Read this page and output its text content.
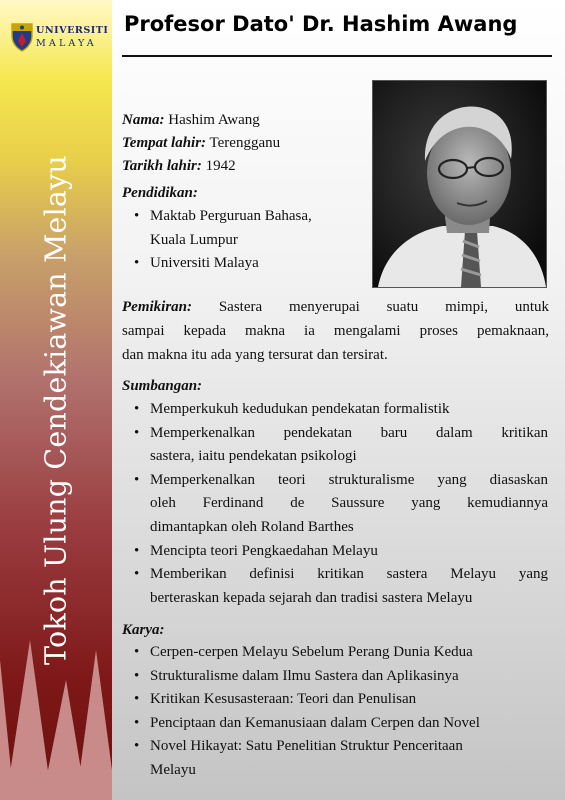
UNIVERSITI
MALAYA
Tokoh Ulung Cendekiawan Melayu
Profesor Dato' Dr. Hashim Awang
Nama: Hashim Awang
Tempat lahir: Terengganu
Tarikh lahir: 1942
Pendidikan:
• Maktab Perguruan Bahasa,
Kuala Lumpur
• Universiti Malaya
Pemikiran: Sastera menyerupai suatu mimpi, untuk
sampai kepada makna ia mengalami proses pemaknaan,
dan makna itu ada yang tersurat dan tersirat.
Sumbangan:
• Memperkukuh kedudukan pendekatan formalistik
• Memperkenalkan pendekatan baru dalam kritikan
sastera, iaitu pendekatan psikologi
• Memperkenalkan teori strukturalisme yang diasaskan
oleh Ferdinand de Saussure yang kemudiannya
dimantapkan oleh Roland Barthes
• Mencipta teori Pengkaedahan Melayu
• Memberikan definisi kritikan sastera Melayu yang
berteraskan kepada sejarah dan tradisi sastera Melayu
Karya:
• Cerpen-cerpen Melayu Sebelum Perang Dunia Kedua
• Strukturalisme dalam Ilmu Sastera dan Aplikasinya
• Kritikan Kesusasteraan: Teori dan Penulisan
• Penciptaan dan Kemanusiaan dalam Cerpen dan Novel
• Novel Hikayat: Satu Penelitian Struktur Penceritaan
Melayu
